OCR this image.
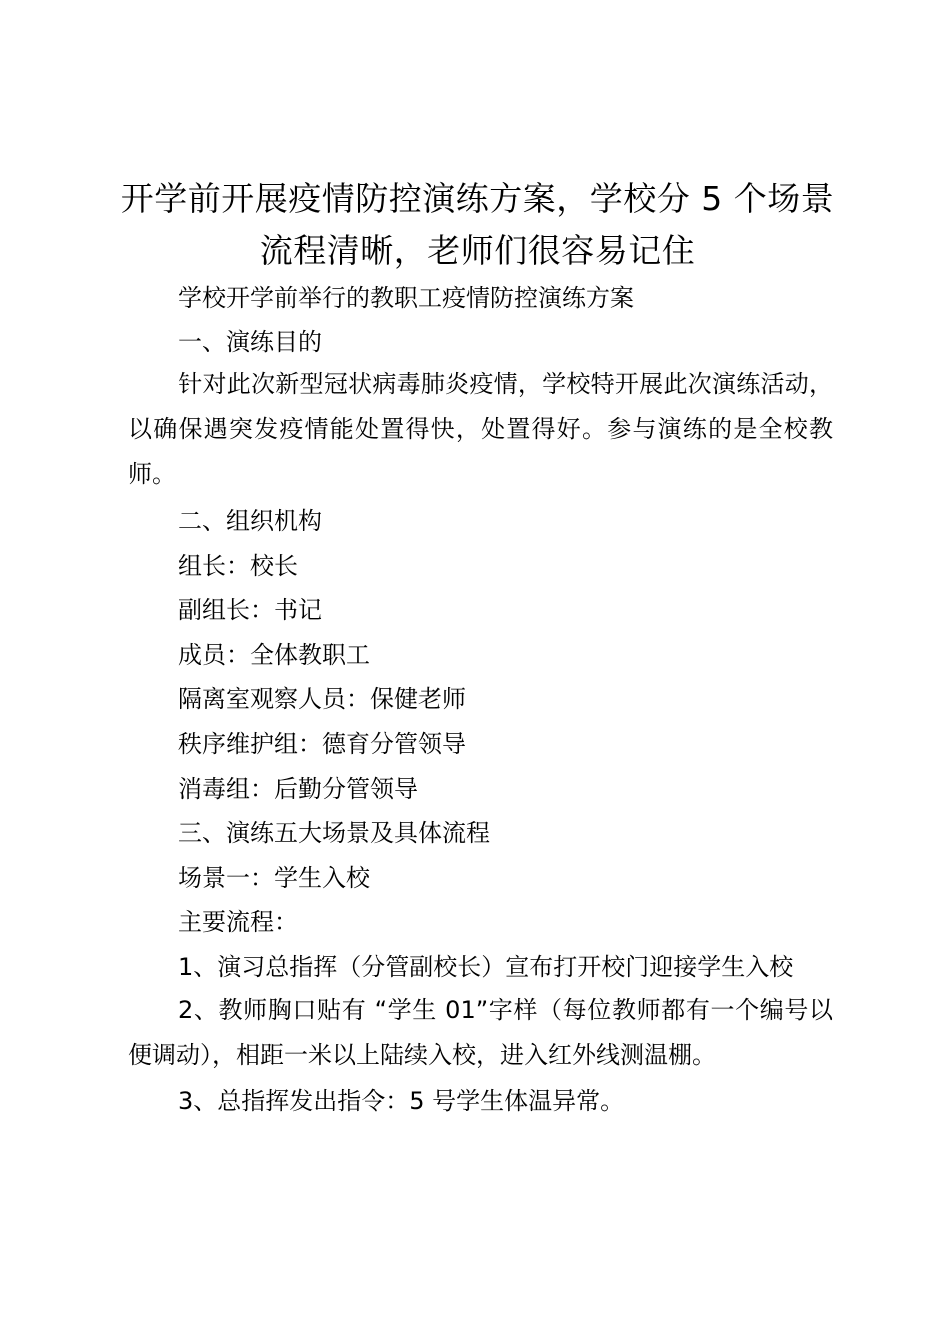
开学前开展疫情防控演练方案，学校分 5 个场景流程清晰，老师们很容易记住
学校开学前举行的教职工疫情防控演练方案
一、演练目的
针对此次新型冠状病毒肺炎疫情，学校特开展此次演练活动，以确保遇突发疫情能处置得快，处置得好。参与演练的是全校教师。
二、组织机构
组长：校长
副组长：书记
成员：全体教职工
隔离室观察人员：保健老师
秩序维护组：德育分管领导
消毒组：后勤分管领导
三、演练五大场景及具体流程
场景一：学生入校
主要流程：
1、演习总指挥（分管副校长）宣布打开校门迎接学生入校
2、教师胸口贴有 “学生 01”字样（每位教师都有一个编号以便调动），相距一米以上陆续入校，进入红外线测温棚。
3、总指挥发出指令：5 号学生体温异常。
